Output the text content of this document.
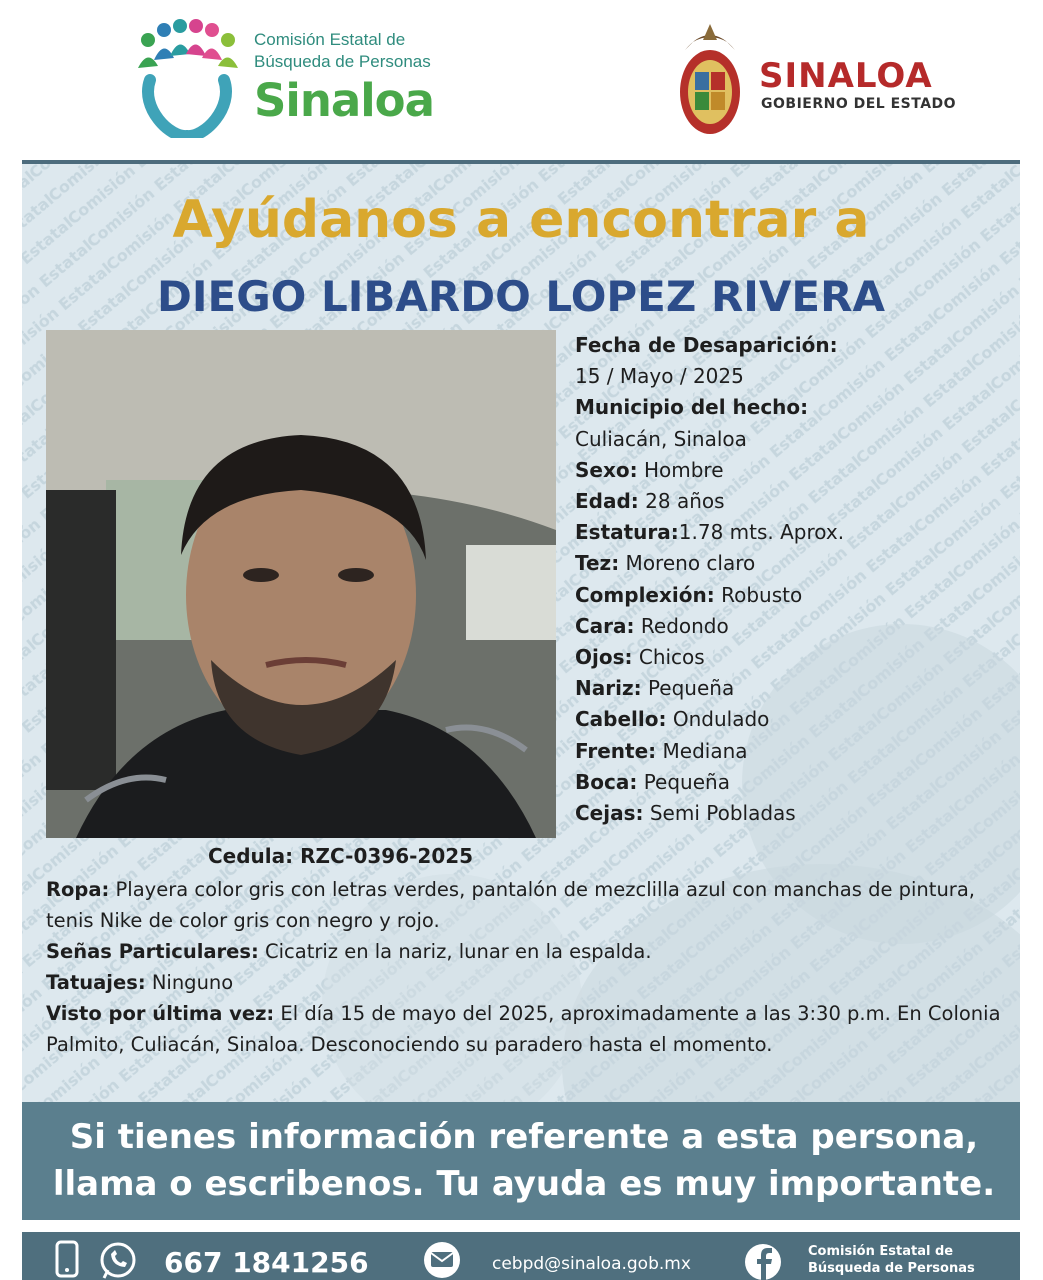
Comisión Estatal de
Búsqueda de Personas
Sinaloa	SINALOA
GOBIERNO DEL ESTADO
Ayúdanos a encontrar a
DIEGO LIBARDO LOPEZ RIVERA
Fecha de Desaparición:
15 / Mayo / 2025
Municipio del hecho:
Culiacán, Sinaloa
Sexo: Hombre
Edad: 28 años
Estatura:1.78 mts. Aprox.
Tez: Moreno claro
Complexión: Robusto
Cara: Redondo
Ojos: Chicos
Nariz: Pequeña
Cabello: Ondulado
Frente: Mediana
Boca: Pequeña
Cejas: Semi Pobladas
Cedula: RZC-0396-2025

Ropa: Playera color gris con letras verdes, pantalón de mezclilla azul con manchas de pintura, tenis Nike de color gris con negro y rojo.

Señas Particulares: Cicatriz en la nariz, lunar en la espalda.

Tatuajes: Ninguno

Visto por última vez: El día 15 de mayo del 2025, aproximadamente a las 3:30 p.m. En Colonia Palmito, Culiacán, Sinaloa. Desconociendo su paradero hasta el momento.

Si tienes información referente a esta persona,
llama o escribenos. Tu ayuda es muy importante.
667 1841256	cebpd@sinaloa.gob.mx
Comisión Estatal de
Búsqueda de Personas
